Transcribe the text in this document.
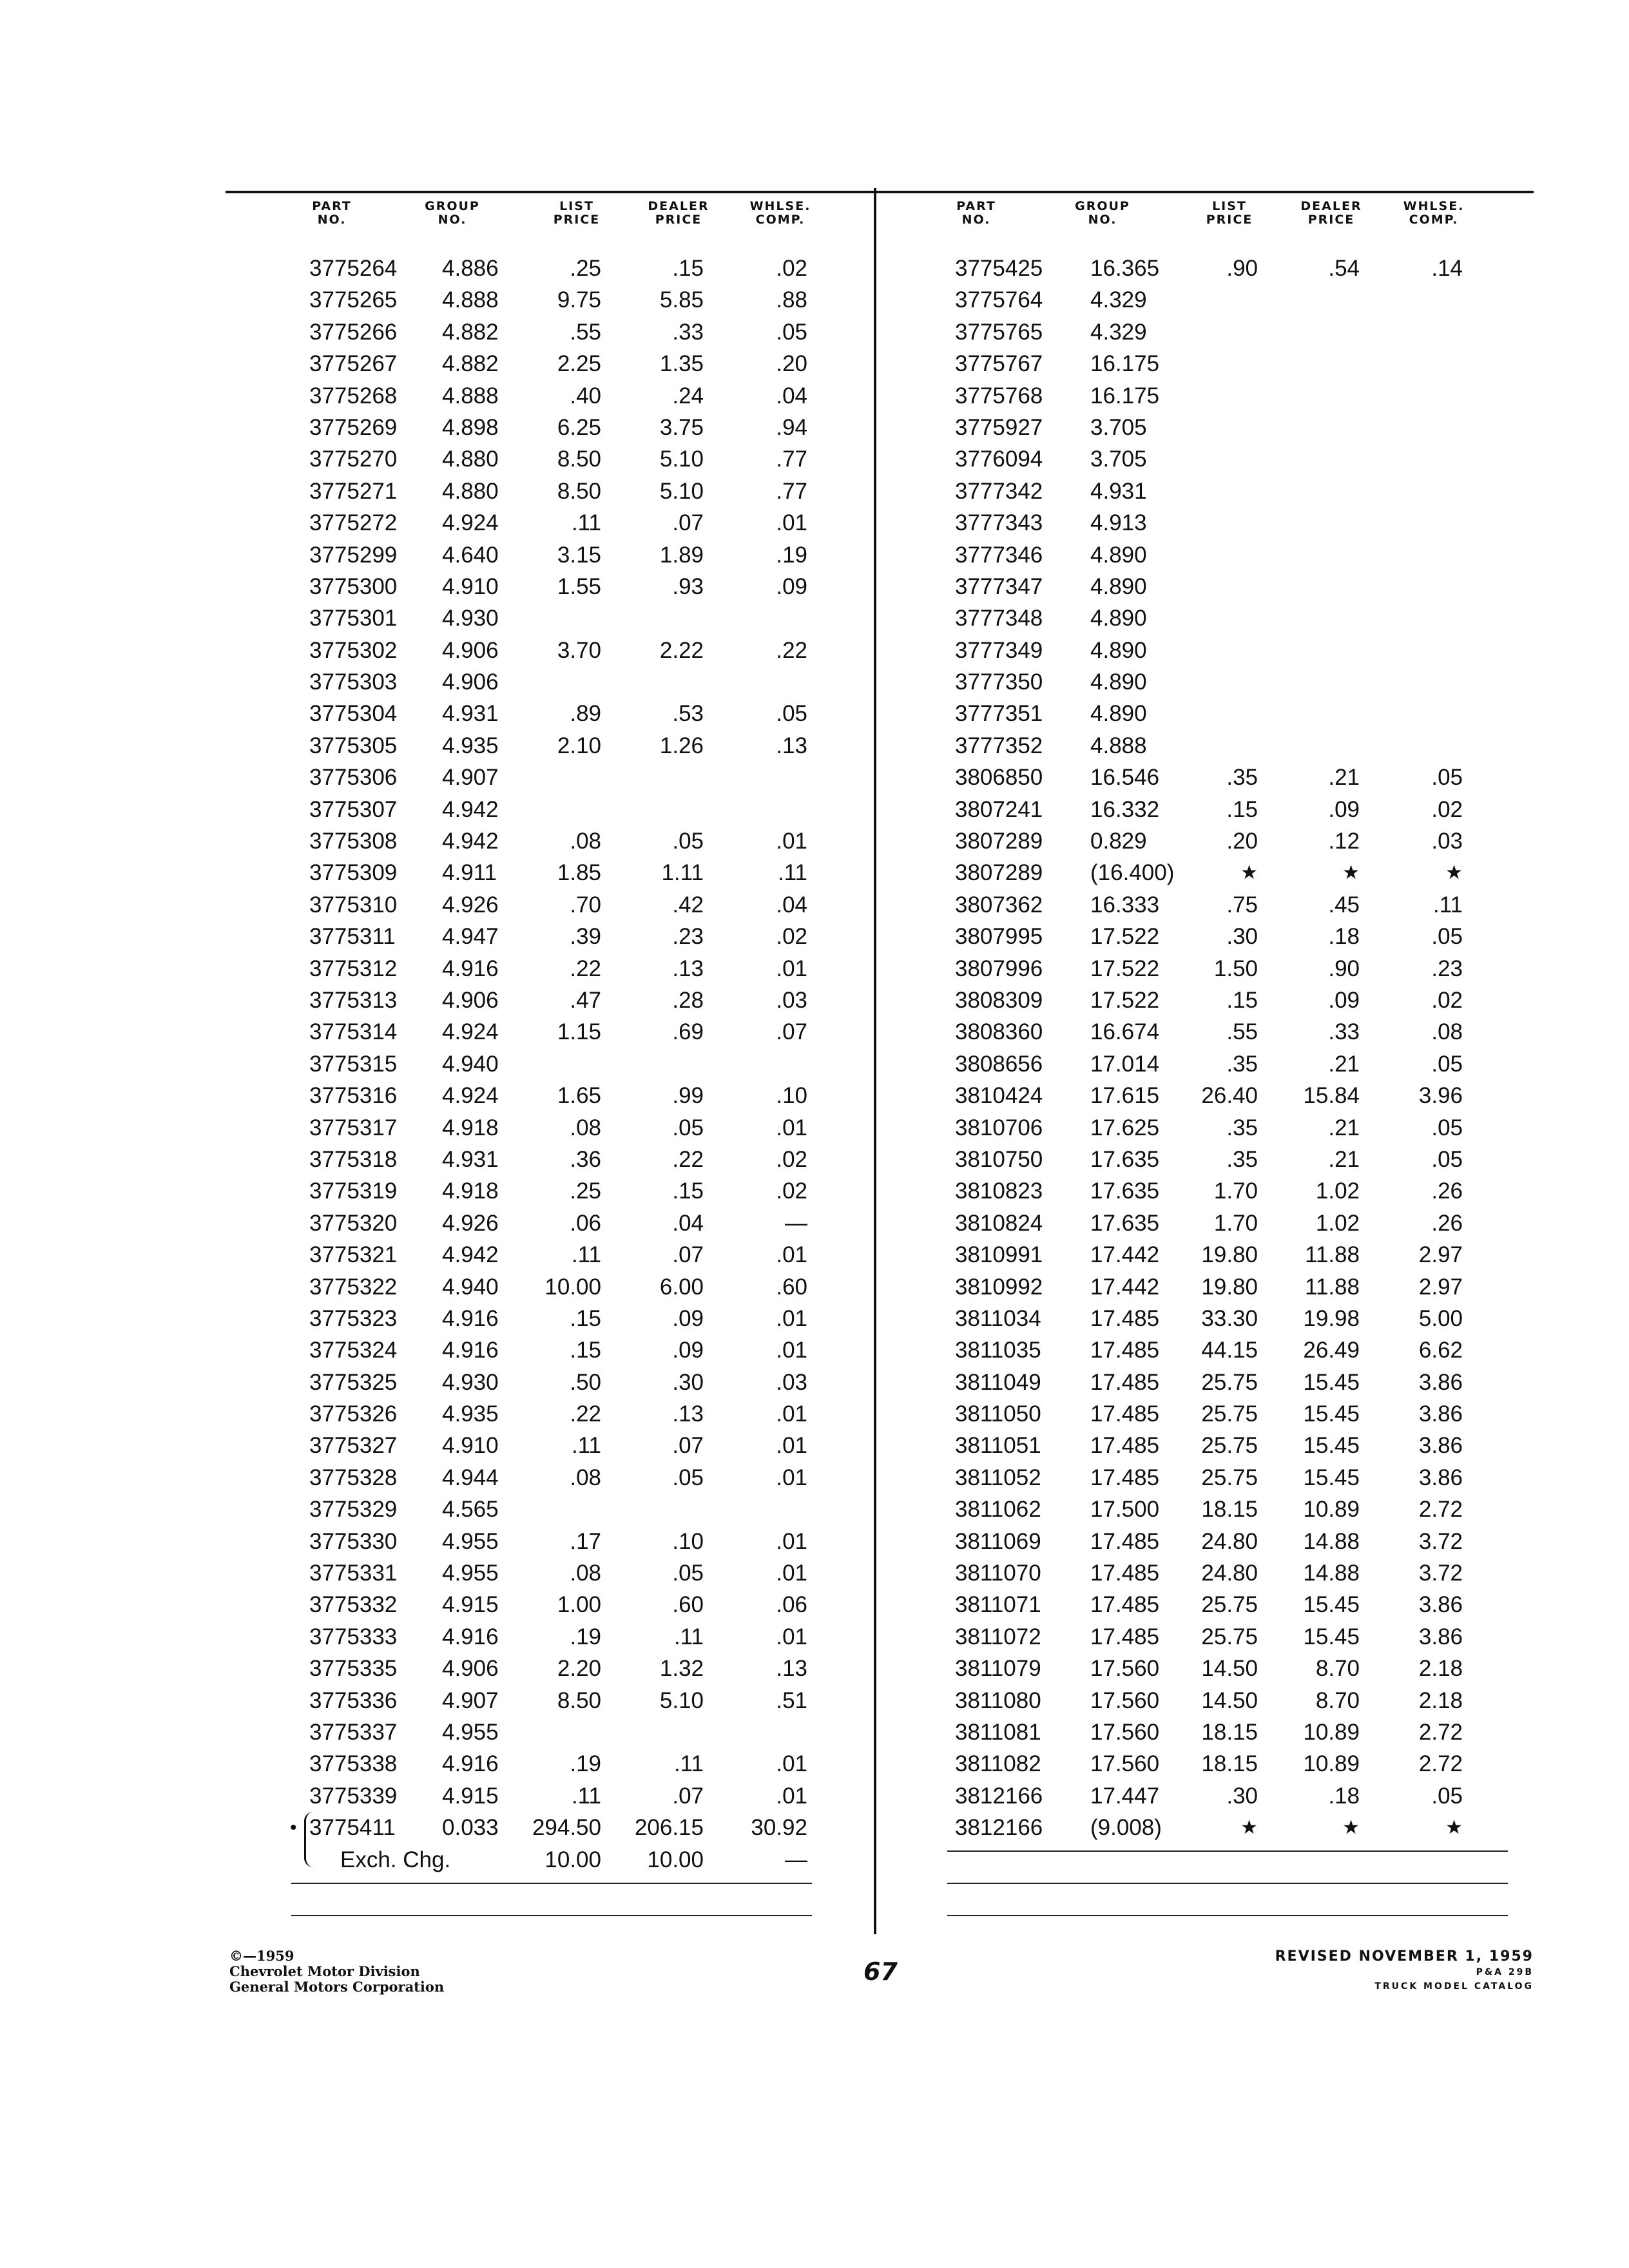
PART
NO.
GROUP
NO.
LIST
PRICE
DEALER
PRICE
WHLSE.
COMP.
3775264	4.886	.25	.15	.02
3775265	4.888	9.75	5.85	.88
3775266	4.882	.55	.33	.05
3775267	4.882	2.25	1.35	.20
3775268	4.888	.40	.24	.04
3775269	4.898	6.25	3.75	.94
3775270	4.880	8.50	5.10	.77
3775271	4.880	8.50	5.10	.77
3775272	4.924	.11	.07	.01
3775299	4.640	3.15	1.89	.19
3775300	4.910	1.55	.93	.09
3775301	4.930
3775302	4.906	3.70	2.22	.22
3775303	4.906
3775304	4.931	.89	.53	.05
3775305	4.935	2.10	1.26	.13
3775306	4.907
3775307	4.942
3775308	4.942	.08	.05	.01
3775309	4.911	1.85	1.11	.11
3775310	4.926	.70	.42	.04
3775311	4.947	.39	.23	.02
3775312	4.916	.22	.13	.01
3775313	4.906	.47	.28	.03
3775314	4.924	1.15	.69	.07
3775315	4.940
3775316	4.924	1.65	.99	.10
3775317	4.918	.08	.05	.01
3775318	4.931	.36	.22	.02
3775319	4.918	.25	.15	.02
3775320	4.926	.06	.04	—
3775321	4.942	.11	.07	.01
3775322	4.940	10.00	6.00	.60
3775323	4.916	.15	.09	.01
3775324	4.916	.15	.09	.01
3775325	4.930	.50	.30	.03
3775326	4.935	.22	.13	.01
3775327	4.910	.11	.07	.01
3775328	4.944	.08	.05	.01
3775329	4.565
3775330	4.955	.17	.10	.01
3775331	4.955	.08	.05	.01
3775332	4.915	1.00	.60	.06
3775333	4.916	.19	.11	.01
3775335	4.906	2.20	1.32	.13
3775336	4.907	8.50	5.10	.51
3775337	4.955
3775338	4.916	.19	.11	.01
3775339	4.915	.11	.07	.01
3775411	0.033	294.50	206.15	30.92
•
Exch. Chg.	10.00	10.00	—
PART
NO.
GROUP
NO.
LIST
PRICE
DEALER
PRICE
WHLSE.
COMP.
3775425	16.365	.90	.54	.14
3775764	4.329
3775765	4.329
3775767	16.175
3775768	16.175
3775927	3.705
3776094	3.705
3777342	4.931
3777343	4.913
3777346	4.890
3777347	4.890
3777348	4.890
3777349	4.890
3777350	4.890
3777351	4.890
3777352	4.888
3806850	16.546	.35	.21	.05
3807241	16.332	.15	.09	.02
3807289	0.829	.20	.12	.03
3807289	(16.400)	★	★	★
3807362	16.333	.75	.45	.11
3807995	17.522	.30	.18	.05
3807996	17.522	1.50	.90	.23
3808309	17.522	.15	.09	.02
3808360	16.674	.55	.33	.08
3808656	17.014	.35	.21	.05
3810424	17.615	26.40	15.84	3.96
3810706	17.625	.35	.21	.05
3810750	17.635	.35	.21	.05
3810823	17.635	1.70	1.02	.26
3810824	17.635	1.70	1.02	.26
3810991	17.442	19.80	11.88	2.97
3810992	17.442	19.80	11.88	2.97
3811034	17.485	33.30	19.98	5.00
3811035	17.485	44.15	26.49	6.62
3811049	17.485	25.75	15.45	3.86
3811050	17.485	25.75	15.45	3.86
3811051	17.485	25.75	15.45	3.86
3811052	17.485	25.75	15.45	3.86
3811062	17.500	18.15	10.89	2.72
3811069	17.485	24.80	14.88	3.72
3811070	17.485	24.80	14.88	3.72
3811071	17.485	25.75	15.45	3.86
3811072	17.485	25.75	15.45	3.86
3811079	17.560	14.50	8.70	2.18
3811080	17.560	14.50	8.70	2.18
3811081	17.560	18.15	10.89	2.72
3811082	17.560	18.15	10.89	2.72
3812166	17.447	.30	.18	.05
3812166	(9.008)	★	★	★
©—1959
Chevrolet Motor Division
General Motors Corporation
67
REVISED NOVEMBER 1, 1959
P&A 29B
TRUCK MODEL CATALOG
